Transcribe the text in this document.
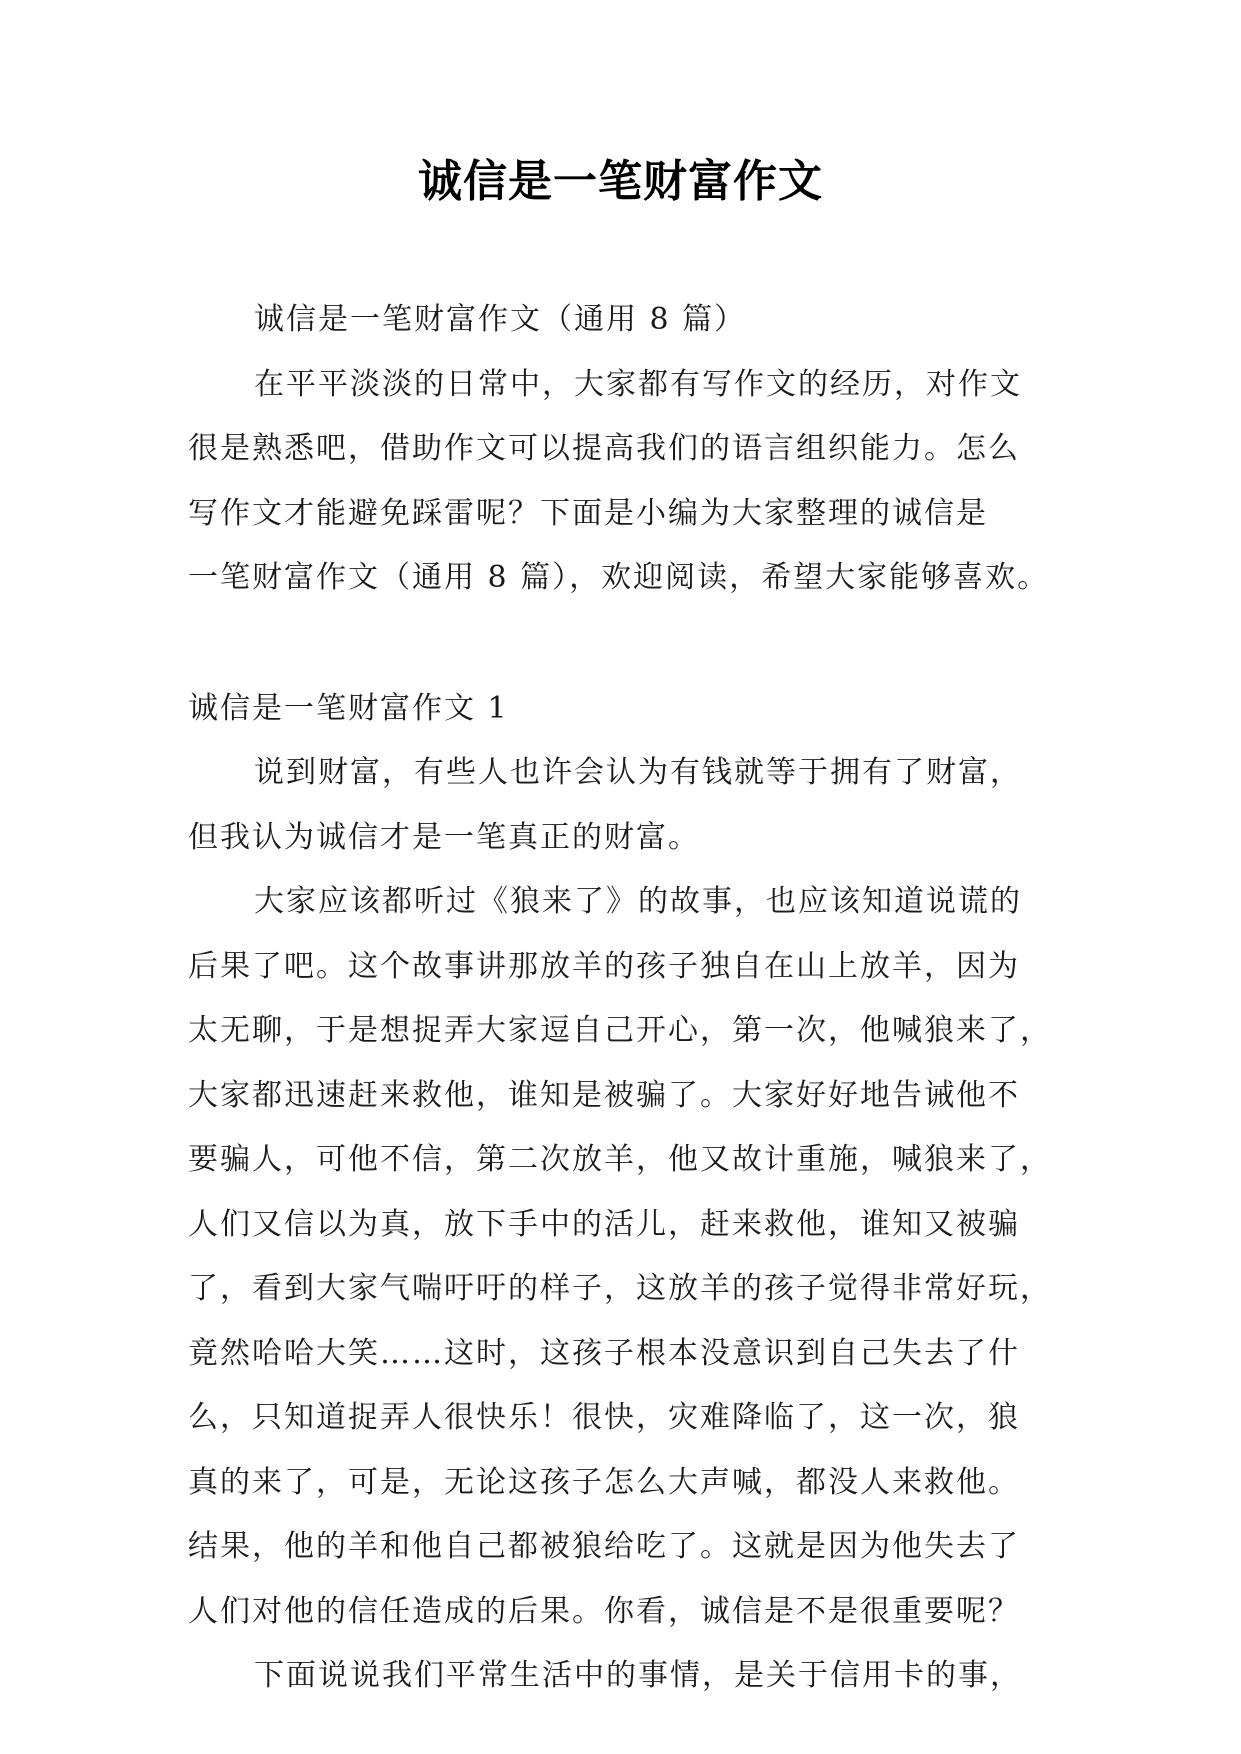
诚信是一笔财富作文
诚信是一笔财富作文（通用 8 篇）
在平平淡淡的日常中，大家都有写作文的经历，对作文
很是熟悉吧，借助作文可以提高我们的语言组织能力。怎么
写作文才能避免踩雷呢？下面是小编为大家整理的诚信是
一笔财富作文（通用 8 篇），欢迎阅读，希望大家能够喜欢。
诚信是一笔财富作文 1
说到财富，有些人也许会认为有钱就等于拥有了财富，
但我认为诚信才是一笔真正的财富。
大家应该都听过《狼来了》的故事，也应该知道说谎的
后果了吧。这个故事讲那放羊的孩子独自在山上放羊，因为
太无聊，于是想捉弄大家逗自己开心，第一次，他喊狼来了，
大家都迅速赶来救他，谁知是被骗了。大家好好地告诫他不
要骗人，可他不信，第二次放羊，他又故计重施，喊狼来了，
人们又信以为真，放下手中的活儿，赶来救他，谁知又被骗
了，看到大家气喘吁吁的样子，这放羊的孩子觉得非常好玩，
竟然哈哈大笑……这时，这孩子根本没意识到自己失去了什
么，只知道捉弄人很快乐！很快，灾难降临了，这一次，狼
真的来了，可是，无论这孩子怎么大声喊，都没人来救他。
结果，他的羊和他自己都被狼给吃了。这就是因为他失去了
人们对他的信任造成的后果。你看，诚信是不是很重要呢？
下面说说我们平常生活中的事情，是关于信用卡的事，
